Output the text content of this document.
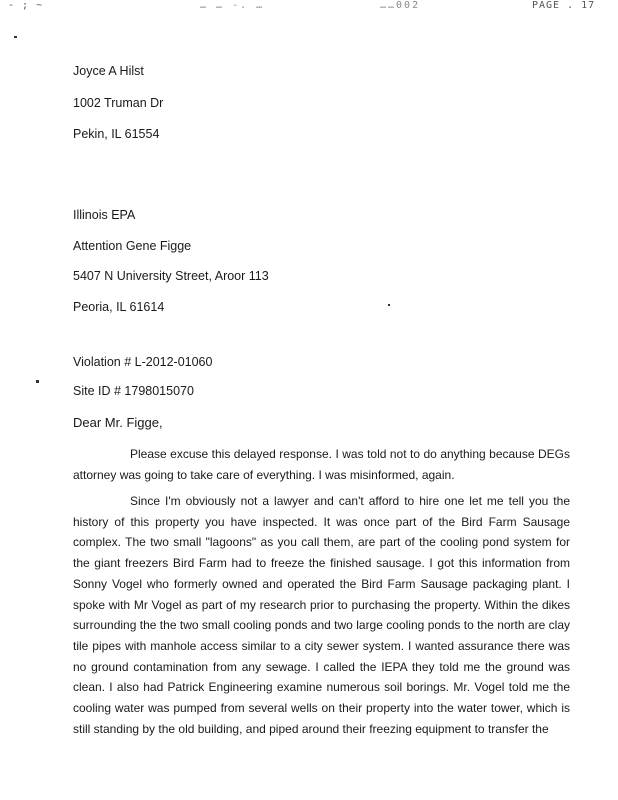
- ; ~	… … -. …	……002	PAGE . 17
Joyce A Hilst
1002 Truman Dr
Pekin, IL 61554
Illinois EPA
Attention Gene Figge
5407 N University Street, Aroor 113
Peoria, IL 61614
Violation # L-2012-01060
Site ID # 1798015070
Dear Mr. Figge,

Please excuse this delayed response. I was told not to do anything because DEGs attorney was going to take care of everything. I was misinformed, again.

Since I'm obviously not a lawyer and can't afford to hire one let me tell you the history of this property you have inspected. It was once part of the Bird Farm Sausage complex. The two small "lagoons" as you call them, are part of the cooling pond system for the giant freezers Bird Farm had to freeze the finished sausage. I got this information from Sonny Vogel who formerly owned and operated the Bird Farm Sausage packaging plant. I spoke with Mr Vogel as part of my research prior to purchasing the property. Within the dikes surrounding the the two small cooling ponds and two large cooling ponds to the north are clay tile pipes with manhole access similar to a city sewer system. I wanted assurance there was no ground contamination from any sewage. I called the IEPA they told me the ground was clean. I also had Patrick Engineering examine numerous soil borings. Mr. Vogel told me the cooling water was pumped from several wells on their property into the water tower, which is still standing by the old building, and piped around their freezing equipment to transfer the
